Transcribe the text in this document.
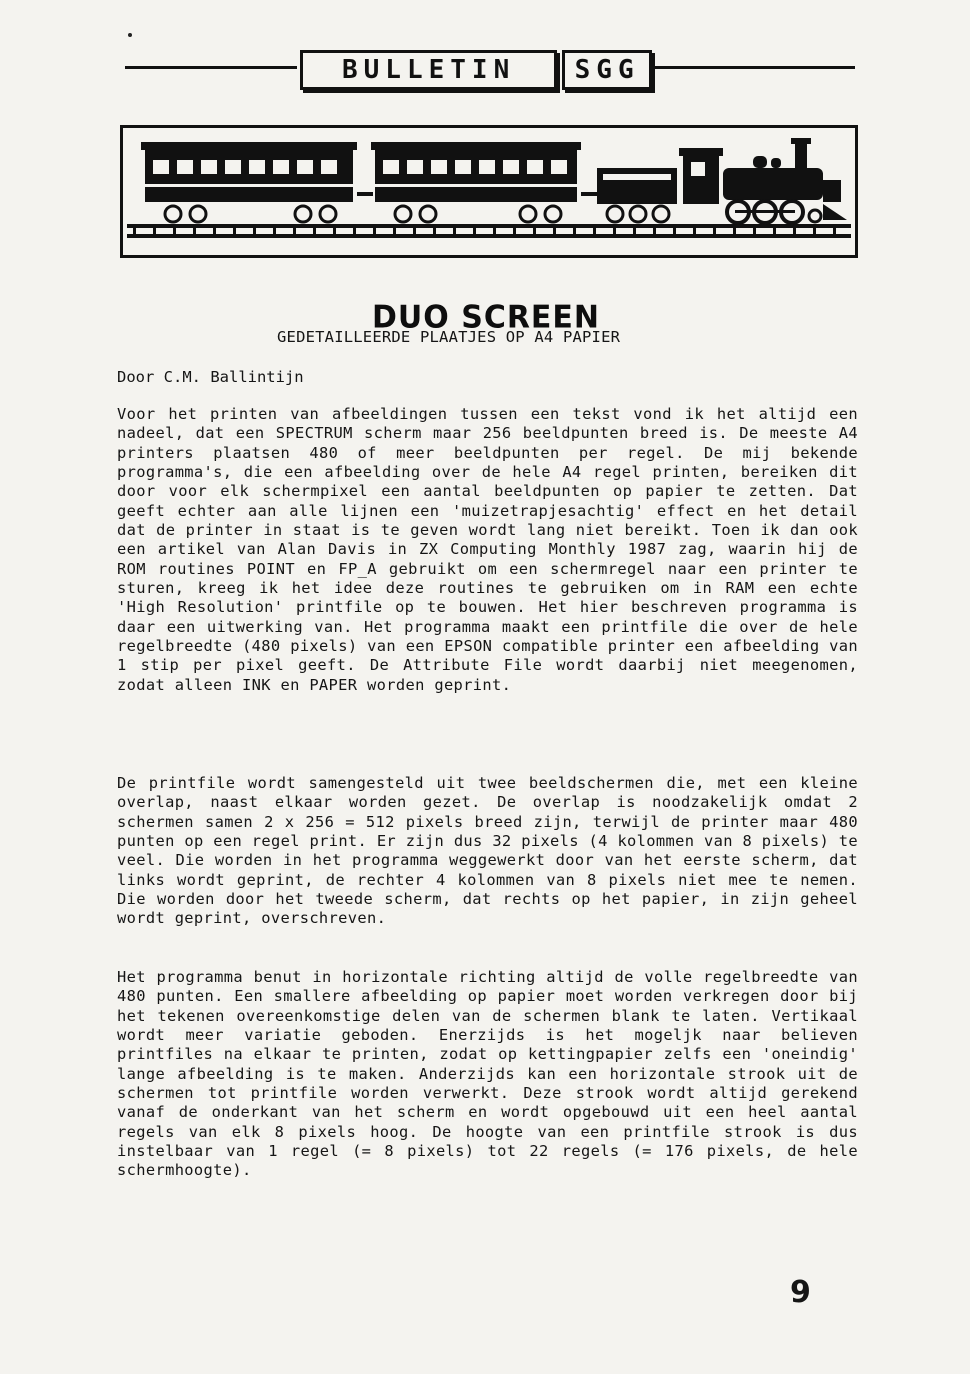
BULLETIN SGG
DUO SCREEN
GEDETAILLEERDE PLAATJES OP A4 PAPIER
Door C.M. Ballintijn

Voor het printen van afbeeldingen tussen een tekst vond ik het altijd een nadeel, dat een SPECTRUM scherm maar 256 beeldpunten breed is. De meeste A4 printers plaatsen 480 of meer beeldpunten per regel. De mij bekende programma's, die een afbeelding over de hele A4 regel printen, bereiken dit door voor elk schermpixel een aantal beeldpunten op papier te zetten. Dat geeft echter aan alle lijnen een 'muizetrapjesachtig' effect en het detail dat de printer in staat is te geven wordt lang niet bereikt. Toen ik dan ook een artikel van Alan Davis in ZX Computing Monthly 1987 zag, waarin hij de ROM routines POINT en FP_A gebruikt om een schermregel naar een printer te sturen, kreeg ik het idee deze routines te gebruiken om in RAM een echte 'High Resolution' printfile op te bouwen. Het hier beschreven programma is daar een uitwerking van. Het programma maakt een printfile die over de hele regelbreedte (480 pixels) van een EPSON compatible printer een afbeelding van 1 stip per pixel geeft. De Attribute File wordt daarbij niet meegenomen, zodat alleen INK en PAPER worden geprint.

De printfile wordt samengesteld uit twee beeldschermen die, met een kleine overlap, naast elkaar worden gezet. De overlap is noodzakelijk omdat 2 schermen samen 2 x 256 = 512 pixels breed zijn, terwijl de printer maar 480 punten op een regel print. Er zijn dus 32 pixels (4 kolommen van 8 pixels) te veel. Die worden in het programma weggewerkt door van het eerste scherm, dat links wordt geprint, de rechter 4 kolommen van 8 pixels niet mee te nemen. Die worden door het tweede scherm, dat rechts op het papier, in zijn geheel wordt geprint, overschreven.

Het programma benut in horizontale richting altijd de volle regelbreedte van 480 punten. Een smallere afbeelding op papier moet worden verkregen door bij het tekenen overeenkomstige delen van de schermen blank te laten. Vertikaal wordt meer variatie geboden. Enerzijds is het mogeljk naar believen printfiles na elkaar te printen, zodat op kettingpapier zelfs een 'oneindig' lange afbeelding is te maken. Anderzijds kan een horizontale strook uit de schermen tot printfile worden verwerkt. Deze strook wordt altijd gerekend vanaf de onderkant van het scherm en wordt opgebouwd uit een heel aantal regels van elk 8 pixels hoog. De hoogte van een printfile strook is dus instelbaar van 1 regel (= 8 pixels) tot 22 regels (= 176 pixels, de hele schermhoogte).

9
